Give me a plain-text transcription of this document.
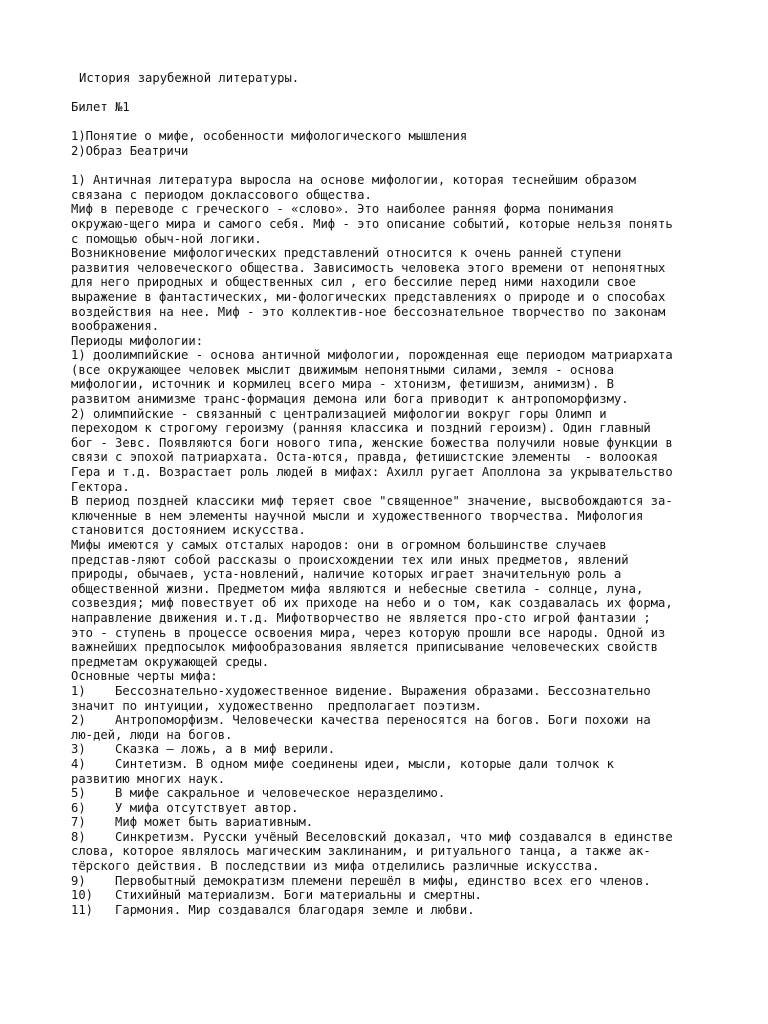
История зарубежной литературы.
Билет №1
1)Понятие о мифе, особенности мифологического мышления
2)Образ Беатричи
1) Античная литература выросла на основе мифологии, которая теснейшим образом
связана с периодом доклассового общества.
Миф в переводе с греческого - «слово». Это наиболее ранняя форма понимания
окружаю-щего мира и самого себя. Миф - это описание событий, которые нельзя понять
с помощью обыч-ной логики.
Возникновение мифологических представлений относится к очень ранней ступени
развития человеческого общества. Зависимость человека этого времени от непонятных
для него природных и общественных сил , его бессилие перед ними находили свое
выражение в фантастических, ми-фологических представлениях о природе и о способах
воздействия на нее. Миф - это коллектив-ное бессознательное творчество по законам
воображения.
Периоды мифологии:
1) доолимпийские - основа античной мифологии, порожденная еще периодом матриархата
(все окружающее человек мыслит движимым непонятными силами, земля - основа
мифологии, источник и кормилец всего мира - хтонизм, фетишизм, анимизм). В
развитом анимизме транс-формация демона или бога приводит к антропоморфизму.
2) олимпийские - связанный с централизацией мифологии вокруг горы Олимп и
переходом к строгому героизму (ранняя классика и поздний героизм). Один главный
бог - Зевс. Появляются боги нового типа, женские божества получили новые функции в
связи с эпохой патриархата. Оста-ются, правда, фетишистские элементы  - волоокая
Гера и т.д. Возрастает роль людей в мифах: Ахилл ругает Аполлона за укрывательство
Гектора.
В период поздней классики миф теряет свое "священное" значение, высвобождаются за-
ключенные в нем элементы научной мысли и художественного творчества. Мифология
становится достоянием искусства.
Мифы имеются у самых отсталых народов: они в огромном большинстве случаев
представ-ляют собой рассказы о происхождении тех или иных предметов, явлений
природы, обычаев, уста-новлений, наличие которых играет значительную роль а
общественной жизни. Предметом мифа являются и небесные светила - солнце, луна,
созвездия; миф повествует об их приходе на небо и о том, как создавалась их форма,
направление движения и.т.д. Мифотворчество не является про-сто игрой фантазии ;
это - ступень в процессе освоения мира, через которую прошли все народы. Одной из
важнейших предпосылок мифообразования является приписывание человеческих свойств
предметам окружающей среды.
Основные черты мифа:
1)    Бессознательно-художественное видение. Выражения образами. Бессознательно
значит по интуиции, художественно  предполагает поэтизм.
2)    Антропоморфизм. Человечески качества переносятся на богов. Боги похожи на
лю-дей, люди на богов.
3)    Сказка – ложь, а в миф верили.
4)    Синтетизм. В одном мифе соединены идеи, мысли, которые дали толчок к
развитию многих наук.
5)    В мифе сакральное и человеческое неразделимо.
6)    У мифа отсутствует автор.
7)    Миф может быть вариативным.
8)    Синкретизм. Русски учёный Веселовский доказал, что миф создавался в единстве
слова, которое являлось магическим заклинаним, и ритуального танца, а также ак-
тёрского действия. В последствии из мифа отделились различные искусства.
9)    Первобытный демократизм племени перешёл в мифы, единство всех его членов.
10)   Стихийный материализм. Боги материальны и смертны.
11)   Гармония. Мир создавался благодаря земле и любви.
